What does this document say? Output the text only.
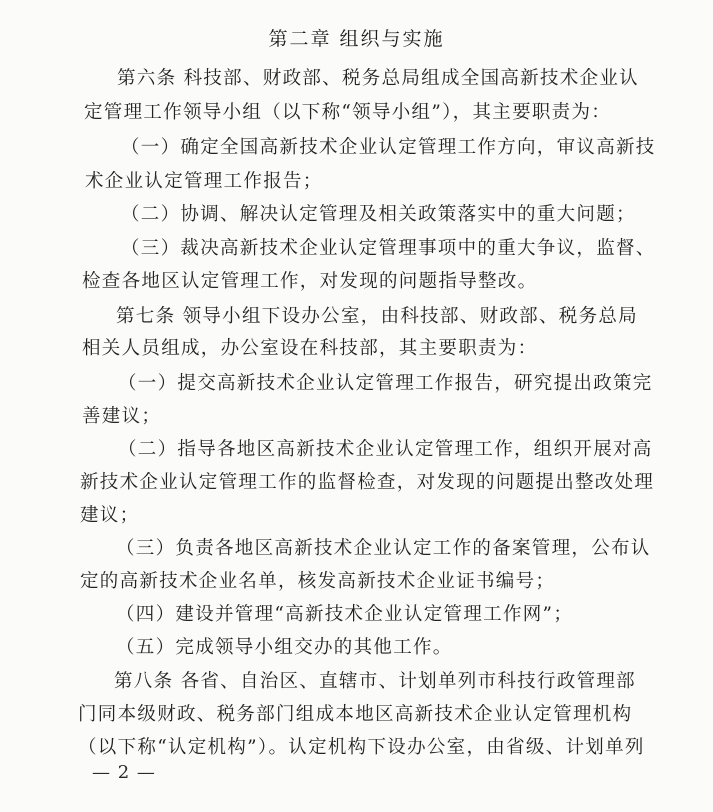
第二章 组织与实施
第六条 科技部、财政部、税务总局组成全国高新技术企业认
定管理工作领导小组（以下称“领导小组”），其主要职责为：
（一）确定全国高新技术企业认定管理工作方向，审议高新技
术企业认定管理工作报告；
（二）协调、解决认定管理及相关政策落实中的重大问题；
（三）裁决高新技术企业认定管理事项中的重大争议，监督、
检查各地区认定管理工作，对发现的问题指导整改。
第七条 领导小组下设办公室，由科技部、财政部、税务总局
相关人员组成，办公室设在科技部，其主要职责为：
（一）提交高新技术企业认定管理工作报告，研究提出政策完
善建议；
（二）指导各地区高新技术企业认定管理工作，组织开展对高
新技术企业认定管理工作的监督检查，对发现的问题提出整改处理
建议；
（三）负责各地区高新技术企业认定工作的备案管理，公布认
定的高新技术企业名单，核发高新技术企业证书编号；
（四）建设并管理“高新技术企业认定管理工作网”；
（五）完成领导小组交办的其他工作。
第八条 各省、自治区、直辖市、计划单列市科技行政管理部
门同本级财政、税务部门组成本地区高新技术企业认定管理机构
（以下称“认定机构”）。认定机构下设办公室，由省级、计划单列
— 2 —
